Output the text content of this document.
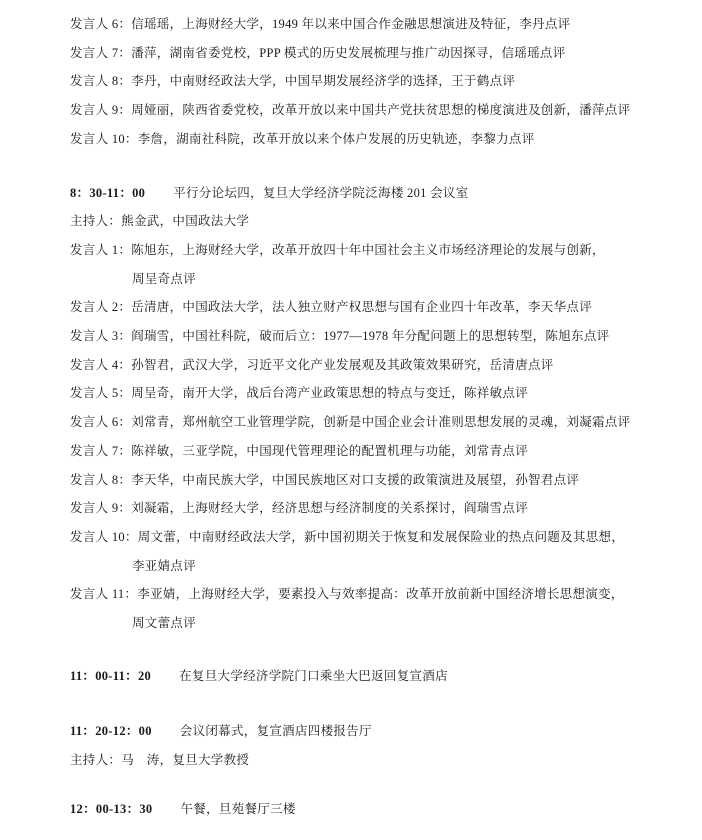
发言人 6：信瑶瑶，上海财经大学，1949 年以来中国合作金融思想演进及特征，李丹点评

发言人 7：潘萍，湖南省委党校，PPP 模式的历史发展梳理与推广动因探寻，信瑶瑶点评

发言人 8：李丹，中南财经政法大学，中国早期发展经济学的选择，王于鹤点评

发言人 9：周娅丽，陕西省委党校，改革开放以来中国共产党扶贫思想的梯度演进及创新，潘萍点评

发言人 10：李詹，湖南社科院，改革开放以来个体户发展的历史轨迹，李黎力点评

8：30-11：00 平行分论坛四，复旦大学经济学院泛海楼 201 会议室

主持人：熊金武，中国政法大学

发言人 1：陈旭东，上海财经大学，改革开放四十年中国社会主义市场经济理论的发展与创新，

周呈奇点评

发言人 2：岳清唐，中国政法大学，法人独立财产权思想与国有企业四十年改革，李天华点评

发言人 3：阎瑞雪，中国社科院，破而后立：1977—1978 年分配问题上的思想转型，陈旭东点评

发言人 4：孙智君，武汉大学，习近平文化产业发展观及其政策效果研究，岳清唐点评

发言人 5：周呈奇，南开大学，战后台湾产业政策思想的特点与变迁，陈祥敏点评

发言人 6：刘常青，郑州航空工业管理学院，创新是中国企业会计准则思想发展的灵魂，刘凝霜点评

发言人 7：陈祥敏，三亚学院，中国现代管理理论的配置机理与功能，刘常青点评

发言人 8：李天华，中南民族大学，中国民族地区对口支援的政策演进及展望，孙智君点评

发言人 9：刘凝霜，上海财经大学，经济思想与经济制度的关系探讨，阎瑞雪点评

发言人 10：周文蕾，中南财经政法大学，新中国初期关于恢复和发展保险业的热点问题及其思想，

李亚婧点评

发言人 11：李亚婧，上海财经大学，要素投入与效率提高：改革开放前新中国经济增长思想演变，

周文蕾点评

11：00-11：20 在复旦大学经济学院门口乘坐大巴返回复宣酒店

11：20-12：00 会议闭幕式，复宣酒店四楼报告厅

主持人：马　涛，复旦大学教授

12：00-13：30 午餐，旦苑餐厅三楼
